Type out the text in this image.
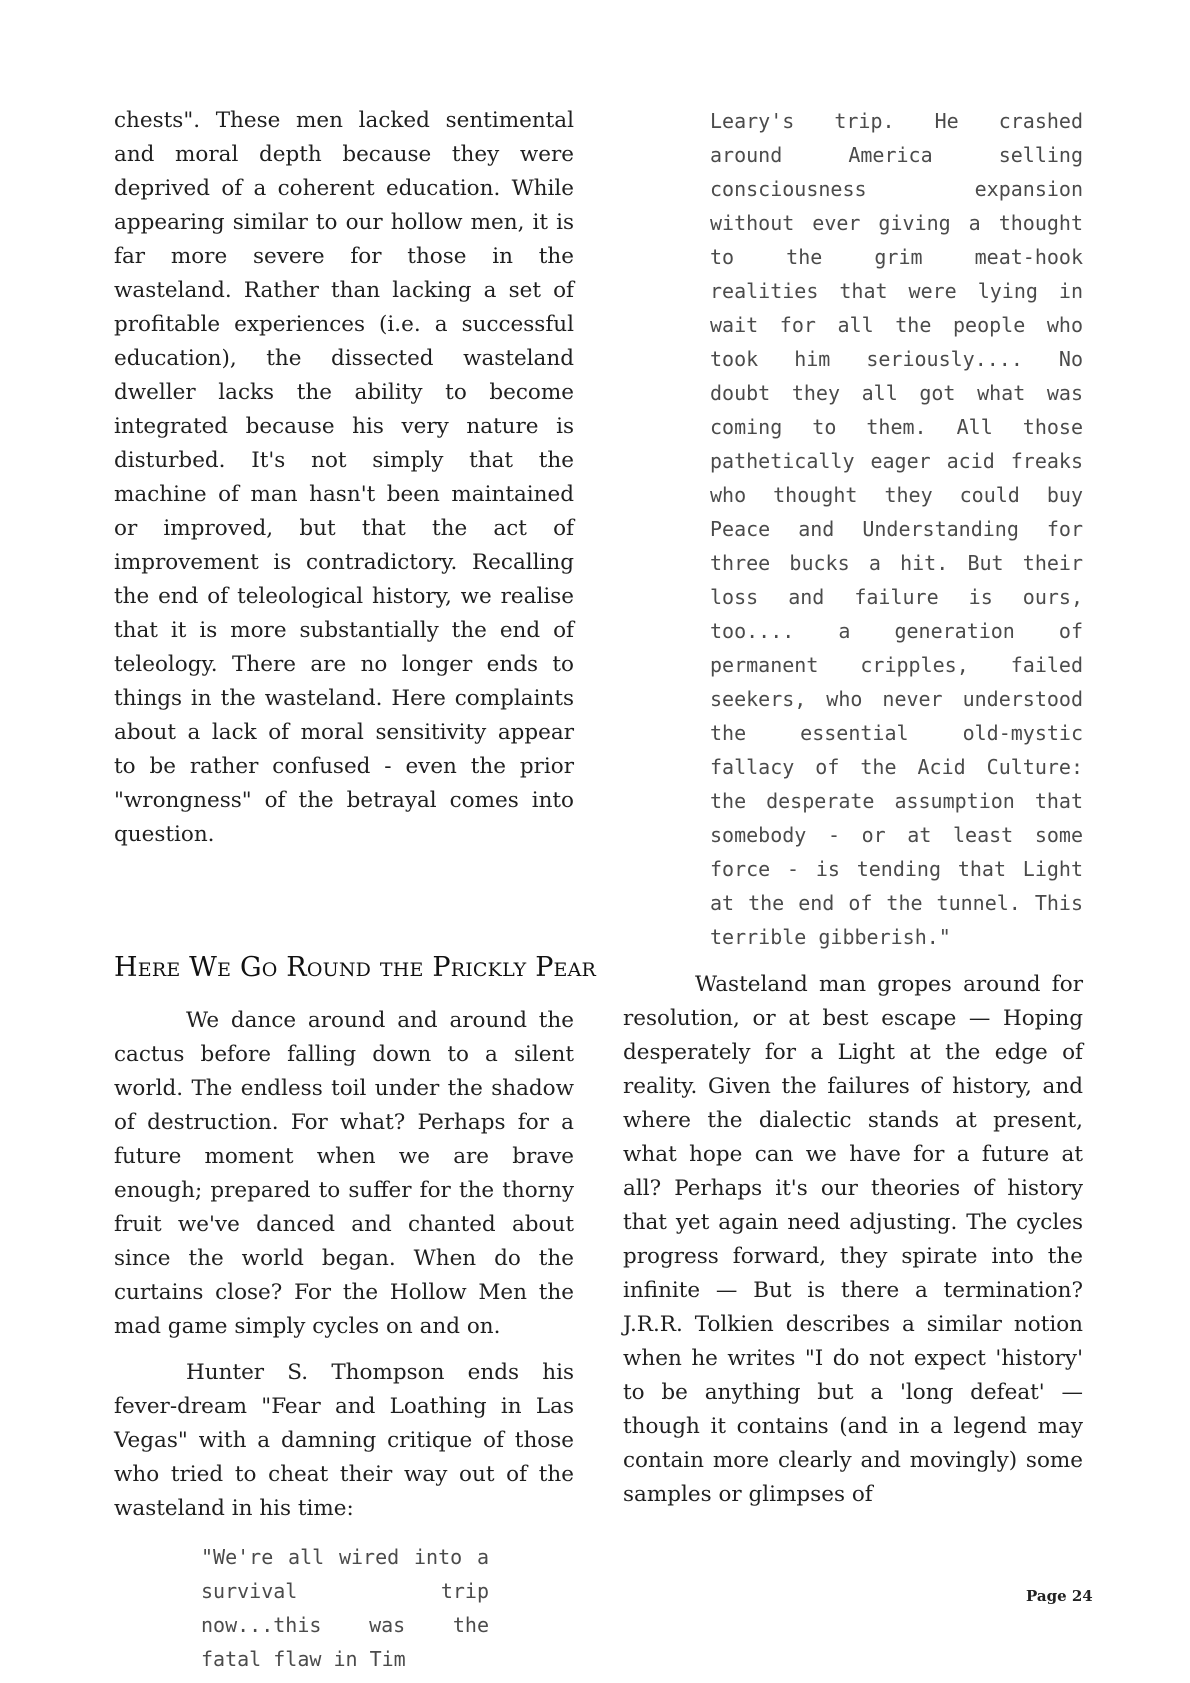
chests". These men lacked sentimental and moral depth because they were deprived of a coherent education. While appearing similar to our hollow men, it is far more severe for those in the wasteland. Rather than lacking a set of profitable experiences (i.e. a successful education), the dissected wasteland dweller lacks the ability to become integrated because his very nature is disturbed. It's not simply that the machine of man hasn't been maintained or improved, but that the act of improvement is contradictory. Recalling the end of teleological history, we realise that it is more substantially the end of teleology. There are no longer ends to things in the wasteland. Here complaints about a lack of moral sensitivity appear to be rather confused - even the prior "wrongness" of the betrayal comes into question.

Here We Go Round the Prickly Pear

We dance around and around the cactus before falling down to a silent world. The endless toil under the shadow of destruction. For what? Perhaps for a future moment when we are brave enough; prepared to suffer for the thorny fruit we've danced and chanted about since the world began. When do the curtains close? For the Hollow Men the mad game simply cycles on and on.

Hunter S. Thompson ends his fever-dream "Fear and Loathing in Las Vegas" with a damning critique of those who tried to cheat their way out of the wasteland in his time:

"We're all wired into a survival trip now...this was the fatal flaw in Tim

Leary's trip. He crashed around America selling consciousness expansion without ever giving a thought to the grim meat-hook realities that were lying in wait for all the people who took him seriously.... No doubt they all got what was coming to them. All those pathetically eager acid freaks who thought they could buy Peace and Understanding for three bucks a hit. But their loss and failure is ours, too.... a generation of permanent cripples, failed seekers, who never understood the essential old-mystic fallacy of the Acid Culture: the desperate assumption that somebody - or at least some force - is tending that Light at the end of the tunnel. This terrible gibberish."

Wasteland man gropes around for resolution, or at best escape — Hoping desperately for a Light at the edge of reality. Given the failures of history, and where the dialectic stands at present, what hope can we have for a future at all? Perhaps it's our theories of history that yet again need adjusting. The cycles progress forward, they spirate into the infinite — But is there a termination? J.R.R. Tolkien describes a similar notion when he writes "I do not expect 'history' to be anything but a 'long defeat' — though it contains (and in a legend may contain more clearly and movingly) some samples or glimpses of

Page 24
